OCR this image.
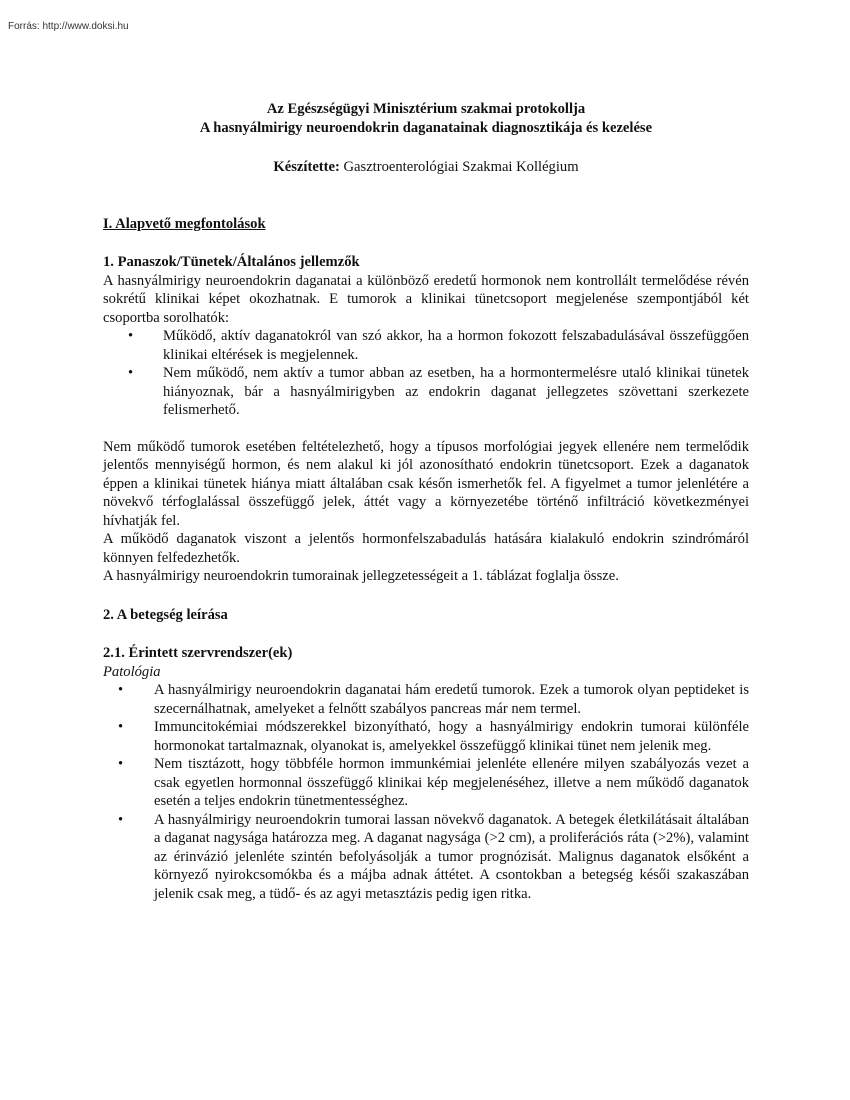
Forrás: http://www.doksi.hu
Az Egészségügyi Minisztérium szakmai protokollja
A hasnyálmirigy neuroendokrin daganatainak diagnosztikája és kezelése
Készítette: Gasztroenterológiai Szakmai Kollégium
I. Alapvető megfontolások
1. Panaszok/Tünetek/Általános jellemzők

A hasnyálmirigy neuroendokrin daganatai a különböző eredetű hormonok nem kontrollált termelődése révén sokrétű klinikai képet okozhatnak. E tumorok a klinikai tünetcsoport megjelenése szempontjából két csoportba sorolhatók:

• Működő, aktív daganatokról van szó akkor, ha a hormon fokozott felszabadulásával összefüggően klinikai eltérések is megjelennek.
• Nem működő, nem aktív a tumor abban az esetben, ha a hormontermelésre utaló klinikai tünetek hiányoznak, bár a hasnyálmirigyben az endokrin daganat jellegzetes szövettani szerkezete felismerhető.

Nem működő tumorok esetében feltételezhető, hogy a típusos morfológiai jegyek ellenére nem termelődik jelentős mennyiségű hormon, és nem alakul ki jól azonosítható endokrin tünetcsoport. Ezek a daganatok éppen a klinikai tünetek hiánya miatt általában csak későn ismerhetők fel. A figyelmet a tumor jelenlétére a növekvő térfoglalással összefüggő jelek, áttét vagy a környezetébe történő infiltráció következményei hívhatják fel.

A működő daganatok viszont a jelentős hormonfelszabadulás hatására kialakuló endokrin szindrómáról könnyen felfedezhetők.

A hasnyálmirigy neuroendokrin tumorainak jellegzetességeit a 1. táblázat foglalja össze.

2. A betegség leírása
2.1. Érintett szervrendszer(ek)
Patológia
• A hasnyálmirigy neuroendokrin daganatai hám eredetű tumorok. Ezek a tumorok olyan peptideket is szecernálhatnak, amelyeket a felnőtt szabályos pancreas már nem termel.
• Immuncitokémiai módszerekkel bizonyítható, hogy a hasnyálmirigy endokrin tumorai különféle hormonokat tartalmaznak, olyanokat is, amelyekkel összefüggő klinikai tünet nem jelenik meg.
• Nem tisztázott, hogy többféle hormon immunkémiai jelenléte ellenére milyen szabályozás vezet a csak egyetlen hormonnal összefüggő klinikai kép megjelenéséhez, illetve a nem működő daganatok esetén a teljes endokrin tünetmentességhez.
• A hasnyálmirigy neuroendokrin tumorai lassan növekvő daganatok. A betegek életkilátásait általában a daganat nagysága határozza meg. A daganat nagysága (>2 cm), a proliferációs ráta (>2%), valamint az érinvázió jelenléte szintén befolyásolják a tumor prognózisát. Malignus daganatok elsőként a környező nyirokcsomókba és a májba adnak áttétet. A csontokban a betegség késői szakaszában jelenik csak meg, a tüdő- és az agyi metasztázis pedig igen ritka.
